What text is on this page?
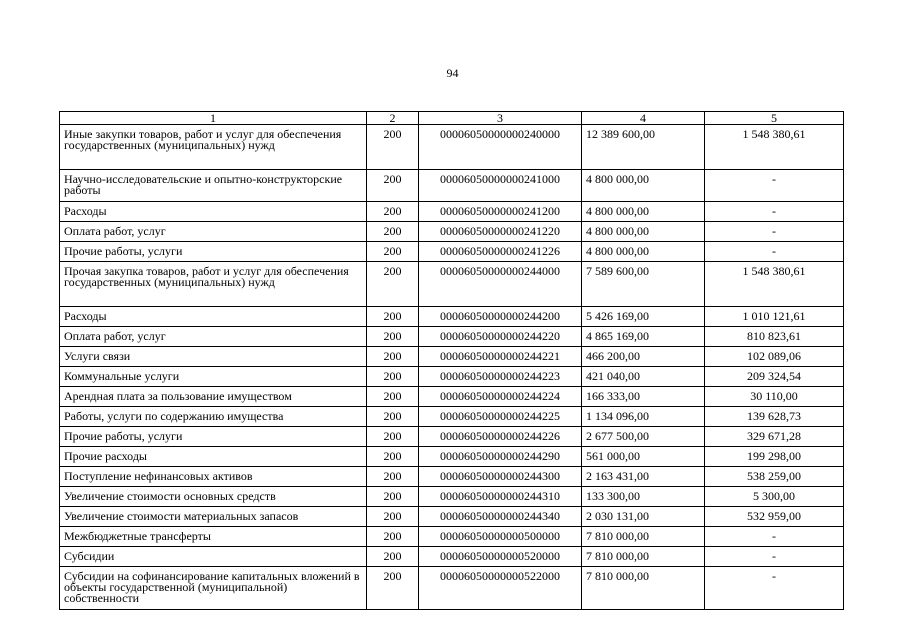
94
1	2	3	4	5

Иные закупки товаров, работ и услуг для обеспечения государственных (муниципальных) нужд	200	00006050000000240000	12 389 600,00	1 548 380,61

Научно-исследовательские и опытно-конструкторские работы	200	00006050000000241000	4 800 000,00	-

Расходы	200	00006050000000241200	4 800 000,00	-

Оплата работ, услуг	200	00006050000000241220	4 800 000,00	-

Прочие работы, услуги	200	00006050000000241226	4 800 000,00	-

Прочая закупка товаров, работ и услуг для обеспечения государственных (муниципальных) нужд	200	00006050000000244000	7 589 600,00	1 548 380,61

Расходы	200	00006050000000244200	5 426 169,00	1 010 121,61

Оплата работ, услуг	200	00006050000000244220	4 865 169,00	810 823,61

Услуги связи	200	00006050000000244221	466 200,00	102 089,06

Коммунальные услуги	200	00006050000000244223	421 040,00	209 324,54

Арендная плата за пользование имуществом	200	00006050000000244224	166 333,00	30 110,00

Работы, услуги по содержанию имущества	200	00006050000000244225	1 134 096,00	139 628,73

Прочие работы, услуги	200	00006050000000244226	2 677 500,00	329 671,28

Прочие расходы	200	00006050000000244290	561 000,00	199 298,00

Поступление нефинансовых активов	200	00006050000000244300	2 163 431,00	538 259,00

Увеличение стоимости основных средств	200	00006050000000244310	133 300,00	5 300,00

Увеличение стоимости материальных запасов	200	00006050000000244340	2 030 131,00	532 959,00

Межбюджетные трансферты	200	00006050000000500000	7 810 000,00	-

Субсидии	200	00006050000000520000	7 810 000,00	-

Субсидии на софинансирование капитальных вложений в объекты государственной (муниципальной) собственности	200	00006050000000522000	7 810 000,00	-
